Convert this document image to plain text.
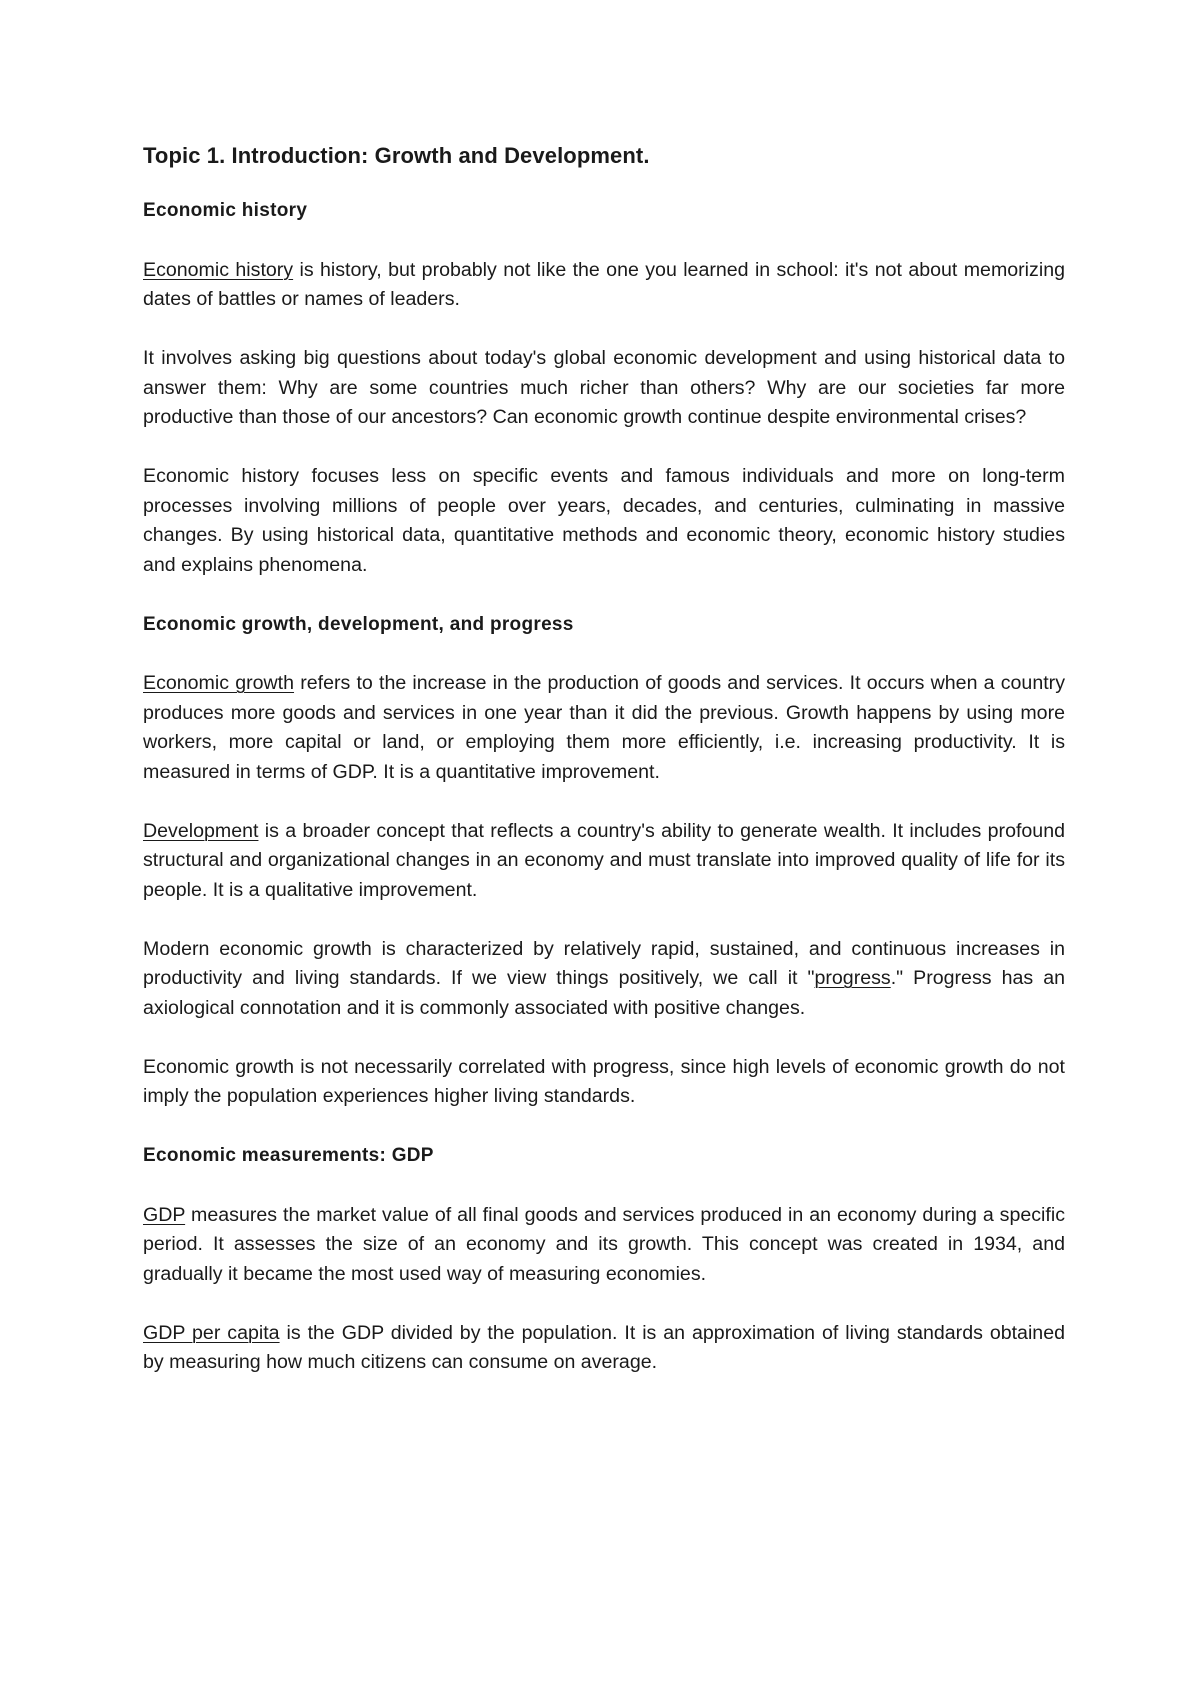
Topic 1. Introduction: Growth and Development.
Economic history

Economic history is history, but probably not like the one you learned in school: it's not about memorizing dates of battles or names of leaders.

It involves asking big questions about today's global economic development and using historical data to answer them: Why are some countries much richer than others? Why are our societies far more productive than those of our ancestors? Can economic growth continue despite environmental crises?

Economic history focuses less on specific events and famous individuals and more on long-term processes involving millions of people over years, decades, and centuries, culminating in massive changes. By using historical data, quantitative methods and economic theory, economic history studies and explains phenomena.

Economic growth, development, and progress

Economic growth refers to the increase in the production of goods and services. It occurs when a country produces more goods and services in one year than it did the previous. Growth happens by using more workers, more capital or land, or employing them more efficiently, i.e. increasing productivity. It is measured in terms of GDP. It is a quantitative improvement.

Development is a broader concept that reflects a country's ability to generate wealth. It includes profound structural and organizational changes in an economy and must translate into improved quality of life for its people. It is a qualitative improvement.

Modern economic growth is characterized by relatively rapid, sustained, and continuous increases in productivity and living standards. If we view things positively, we call it "progress." Progress has an axiological connotation and it is commonly associated with positive changes.

Economic growth is not necessarily correlated with progress, since high levels of economic growth do not imply the population experiences higher living standards.

Economic measurements: GDP

GDP measures the market value of all final goods and services produced in an economy during a specific period. It assesses the size of an economy and its growth. This concept was created in 1934, and gradually it became the most used way of measuring economies.

GDP per capita is the GDP divided by the population. It is an approximation of living standards obtained by measuring how much citizens can consume on average.
